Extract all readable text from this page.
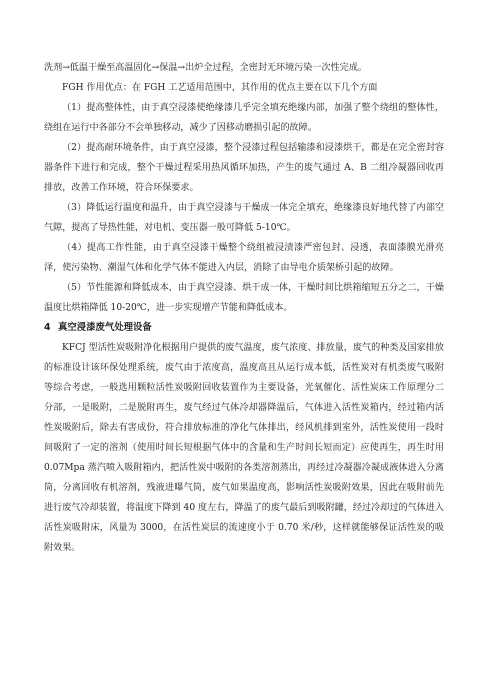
洗剂→低温干燥至高温固化→保温→出炉全过程，全密封无环境污染一次性完成。

FGH 作用优点：在 FGH 工艺适用范围中，其作用的优点主要在以下几个方面

（1）提高整体性，由于真空浸漆使绝缘漆几乎完全填充绝缘内部，加强了整个绕组的整体性，绕组在运行中各部分不会单独移动，减少了因移动磨损引起的故障。

（2）提高耐环境条件，由于真空浸漆，整个浸漆过程包括输漆和浸漆烘干，都是在完全密封容器条件下进行和完成，整个干燥过程采用热风循环加热，产生的废气通过 A、B 二组冷凝器回收再排放，改善工作环境，符合环保要求。

（3）降低运行温度和温升，由于真空浸漆与干燥成一体完全填充，绝缘漆良好地代替了内部空气隙，提高了导热性能，对电机、变压器一般可降低 5-10℃。

（4）提高工作性能，由于真空浸漆干燥整个绕组被浸渍漆严密包封、浸透，表面漆膜光滑亮泽，使污染物、潮湿气体和化学气体不能进入内层，消除了由导电介质架桥引起的故障。

（5）节性能源和降低成本，由于真空浸漆、烘干成一体，干燥时间比烘箱缩短五分之二，干燥温度比烘箱降低 10-20℃，进一步实现增产节能和降低成本。

4 真空浸漆废气处理设备

KFCJ 型活性炭吸附净化根据用户提供的废气温度，废气浓度、排放量，废气的种类及国家排放的标准设计该环保处理系统，废气由于浓度高，温度高且从运行成本低，活性炭对有机类废气吸附等综合考虑，一般选用颗粒活性炭吸附回收装置作为主要设备，光氧催化、活性炭床工作原理分二分部，一是吸附，二是脱附再生，废气经过气体冷却器降温后，气体进入活性炭箱内，经过箱内活性炭吸附后，除去有害成份，符合排放标准的净化气体排出，经风机排到室外，活性炭使用一段时间吸附了一定的溶剂（使用时间长短根据气体中的含量和生产时间长短而定）应使再生，再生时用 0.07Mpa 蒸汽喷入吸附箱内，把活性炭中吸附的各类溶剂蒸出，再经过冷凝器冷凝成液体进入分离筒，分离回收有机溶剂，残液进曝气筒，废气如果温度高，影响活性炭吸附效果，因此在吸附前先进行废气冷却装置，将温度下降到 40 度左右，降温了的废气最后到吸附罐，经过冷却过的气体进入活性炭吸附床，风量为 3000，在活性炭层的流速度小于 0.70 米/秒，这样就能够保证活性炭的吸附效果。
